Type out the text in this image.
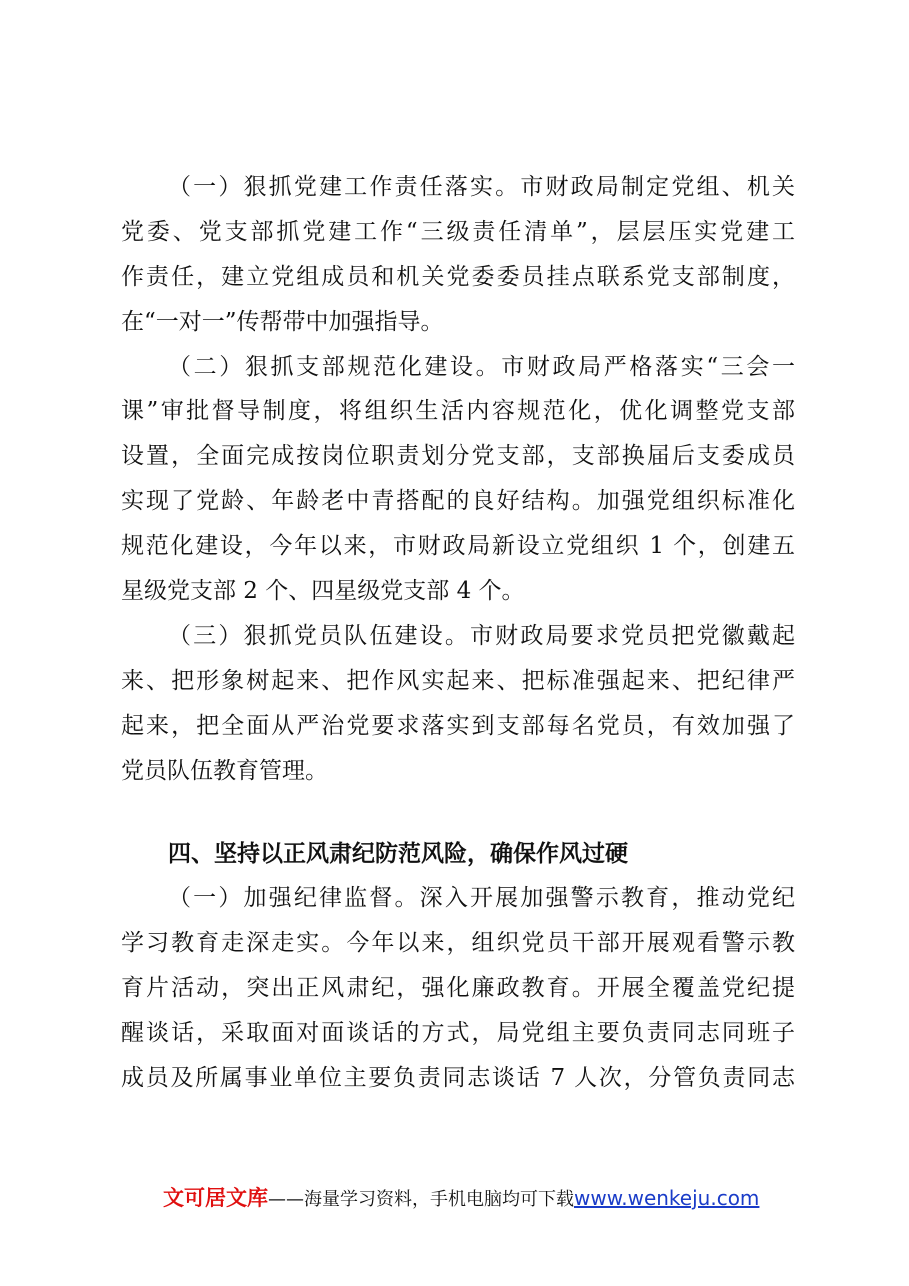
（一）狠抓党建工作责任落实。市财政局制定党组、机关
党委、党支部抓党建工作“三级责任清单”，层层压实党建工
作责任，建立党组成员和机关党委委员挂点联系党支部制度，
在“一对一”传帮带中加强指导。
（二）狠抓支部规范化建设。市财政局严格落实“三会一
课”审批督导制度，将组织生活内容规范化，优化调整党支部
设置，全面完成按岗位职责划分党支部，支部换届后支委成员
实现了党龄、年龄老中青搭配的良好结构。加强党组织标准化
规范化建设，今年以来，市财政局新设立党组织 1 个，创建五
星级党支部 2 个、四星级党支部 4 个。
（三）狠抓党员队伍建设。市财政局要求党员把党徽戴起
来、把形象树起来、把作风实起来、把标准强起来、把纪律严
起来，把全面从严治党要求落实到支部每名党员，有效加强了
党员队伍教育管理。
四、坚持以正风肃纪防范风险，确保作风过硬
（一）加强纪律监督。深入开展加强警示教育，推动党纪
学习教育走深走实。今年以来，组织党员干部开展观看警示教
育片活动，突出正风肃纪，强化廉政教育。开展全覆盖党纪提
醒谈话，采取面对面谈话的方式，局党组主要负责同志同班子
成员及所属事业单位主要负责同志谈话 7 人次，分管负责同志
文可居文库 ——海量学习资料，手机电脑均可下载 www.wenkeju.com
